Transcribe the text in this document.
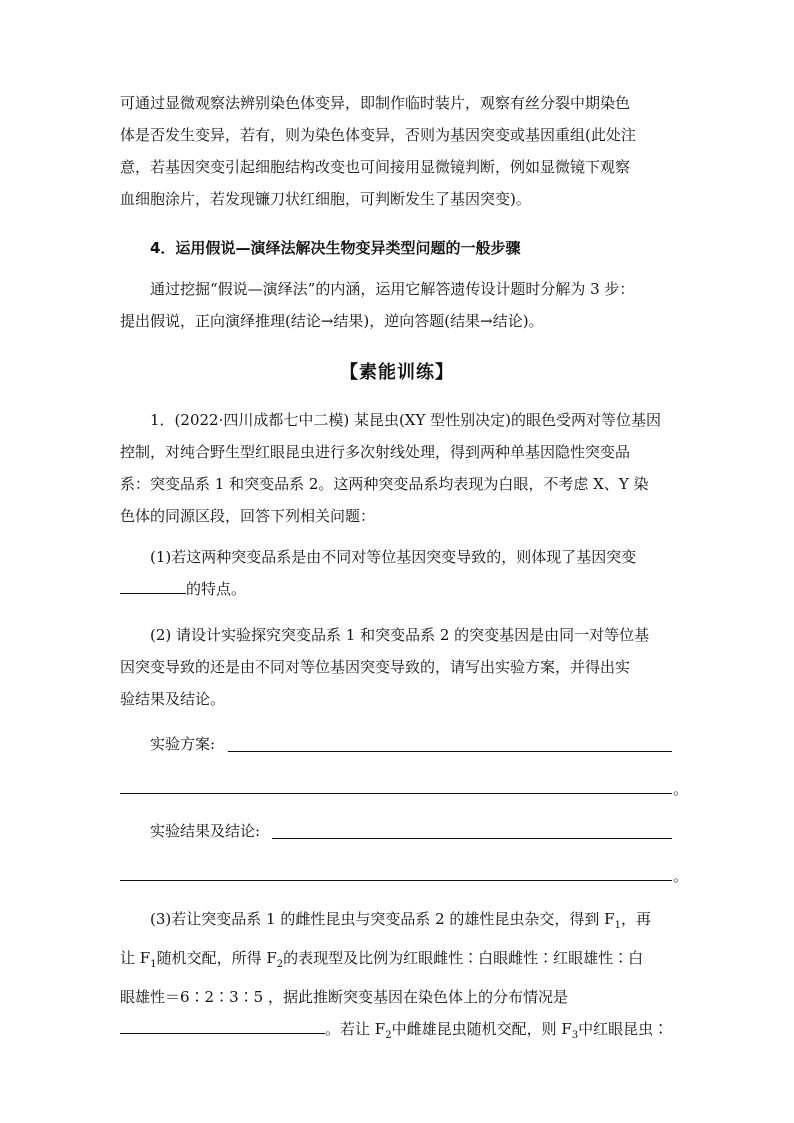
可通过显微观察法辨别染色体变异，即制作临时装片，观察有丝分裂中期染色
体是否发生变异，若有，则为染色体变异，否则为基因突变或基因重组(此处注
意，若基因突变引起细胞结构改变也可间接用显微镜判断，例如显微镜下观察
血细胞涂片，若发现镰刀状红细胞，可判断发生了基因突变)。

4．运用假说—演绎法解决生物变异类型问题的一般步骤

通过挖掘“假说—演绎法”的内涵，运用它解答遗传设计题时分解为 3 步：
提出假说，正向演绎推理(结论→结果)，逆向答题(结果→结论)。

【素能训练】

1．(2022·四川成都七中二模) 某昆虫(XY 型性别决定)的眼色受两对等位基因
控制，对纯合野生型红眼昆虫进行多次射线处理，得到两种单基因隐性突变品
系：突变品系 1 和突变品系 2。这两种突变品系均表现为白眼，不考虑 X、Y 染
色体的同源区段，回答下列相关问题：

(1)若这两种突变品系是由不同对等位基因突变导致的，则体现了基因突变
的特点。

(2) 请设计实验探究突变品系 1 和突变品系 2 的突变基因是由同一对等位基
因突变导致的还是由不同对等位基因突变导致的，请写出实验方案，并得出实
验结果及结论。

实验方案:
。
实验结果及结论:
。

(3)若让突变品系 1 的雌性昆虫与突变品系 2 的雄性昆虫杂交，得到 $F_1$，再
让 $F_1$随机交配，所得 $F_2$的表现型及比例为红眼雌性∶白眼雌性∶红眼雄性∶白
眼雄性＝6∶2∶3∶5 ，据此推断突变基因在染色体上的分布情况是
。若让 $F_2$中雌雄昆虫随机交配，则 $F_3$中红眼昆虫∶
